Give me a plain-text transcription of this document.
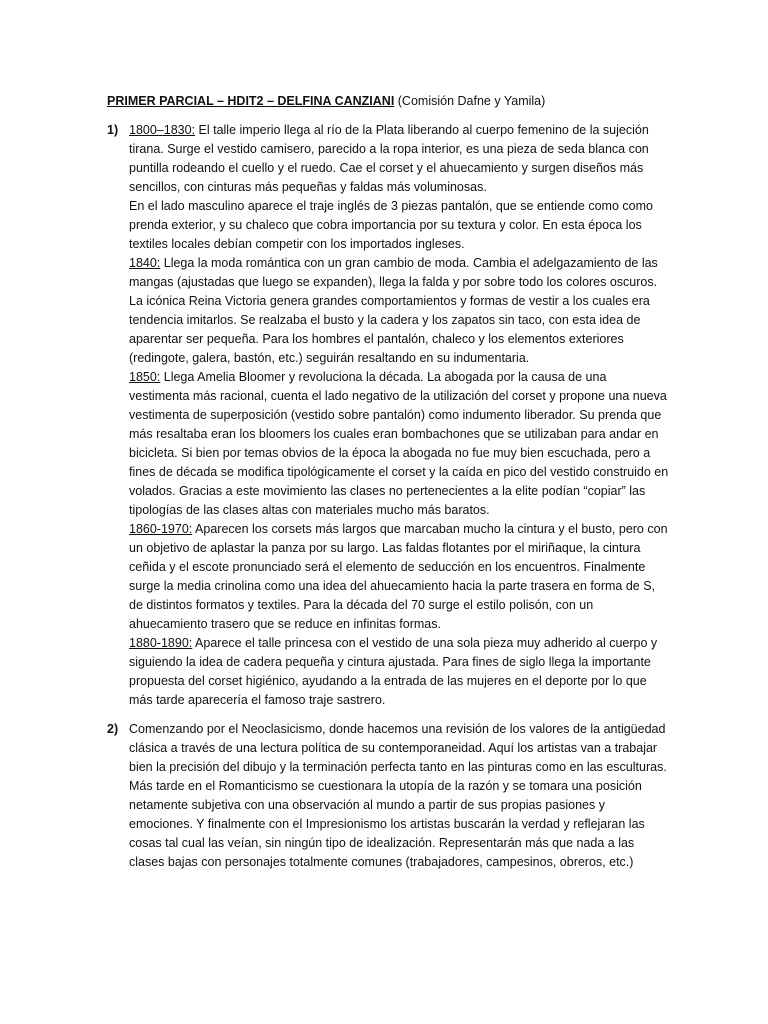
PRIMER PARCIAL – HDIT2 – DELFINA CANZIANI (Comisión Dafne y Yamila)
1) 1800–1830: El talle imperio llega al río de la Plata liberando al cuerpo femenino de la sujeción tirana. Surge el vestido camisero, parecido a la ropa interior, es una pieza de seda blanca con puntilla rodeando el cuello y el ruedo. Cae el corset y el ahuecamiento y surgen diseños más sencillos, con cinturas más pequeñas y faldas más voluminosas.

En el lado masculino aparece el traje inglés de 3 piezas pantalón, que se entiende como como prenda exterior, y su chaleco que cobra importancia por su textura y color. En esta época los textiles locales debían competir con los importados ingleses.

1840: Llega la moda romántica con un gran cambio de moda. Cambia el adelgazamiento de las mangas (ajustadas que luego se expanden), llega la falda y por sobre todo los colores oscuros. La icónica Reina Victoria genera grandes comportamientos y formas de vestir a los cuales era tendencia imitarlos. Se realzaba el busto y la cadera y los zapatos sin taco, con esta idea de aparentar ser pequeña. Para los hombres el pantalón, chaleco y los elementos exteriores (redingote, galera, bastón, etc.) seguirán resaltando en su indumentaria.

1850: Llega Amelia Bloomer y revoluciona la década. La abogada por la causa de una vestimenta más racional, cuenta el lado negativo de la utilización del corset y propone una nueva vestimenta de superposición (vestido sobre pantalón) como indumento liberador. Su prenda que más resaltaba eran los bloomers los cuales eran bombachones que se utilizaban para andar en bicicleta. Si bien por temas obvios de la época la abogada no fue muy bien escuchada, pero a fines de década se modifica tipológicamente el corset y la caída en pico del vestido construido en volados. Gracias a este movimiento las clases no pertenecientes a la elite podían “copiar” las tipologías de las clases altas con materiales mucho más baratos.

1860-1970: Aparecen los corsets más largos que marcaban mucho la cintura y el busto, pero con un objetivo de aplastar la panza por su largo. Las faldas flotantes por el miriñaque, la cintura ceñida y el escote pronunciado será el elemento de seducción en los encuentros. Finalmente surge la media crinolina como una idea del ahuecamiento hacia la parte trasera en forma de S, de distintos formatos y textiles. Para la década del 70 surge el estilo polisón, con un ahuecamiento trasero que se reduce en infinitas formas.

1880-1890: Aparece el talle princesa con el vestido de una sola pieza muy adherido al cuerpo y siguiendo la idea de cadera pequeña y cintura ajustada. Para fines de siglo llega la importante propuesta del corset higiénico, ayudando a la entrada de las mujeres en el deporte por lo que más tarde aparecería el famoso traje sastrero.

2) Comenzando por el Neoclasicismo, donde hacemos una revisión de los valores de la antigüedad clásica a través de una lectura política de su contemporaneidad. Aquí los artistas van a trabajar bien la precisión del dibujo y la terminación perfecta tanto en las pinturas como en las esculturas. Más tarde en el Romanticismo se cuestionara la utopía de la razón y se tomara una posición netamente subjetiva con una observación al mundo a partir de sus propias pasiones y emociones. Y finalmente con el Impresionismo los artistas buscarán la verdad y reflejaran las cosas tal cual las veían, sin ningún tipo de idealización. Representarán más que nada a las clases bajas con personajes totalmente comunes (trabajadores, campesinos, obreros, etc.)
